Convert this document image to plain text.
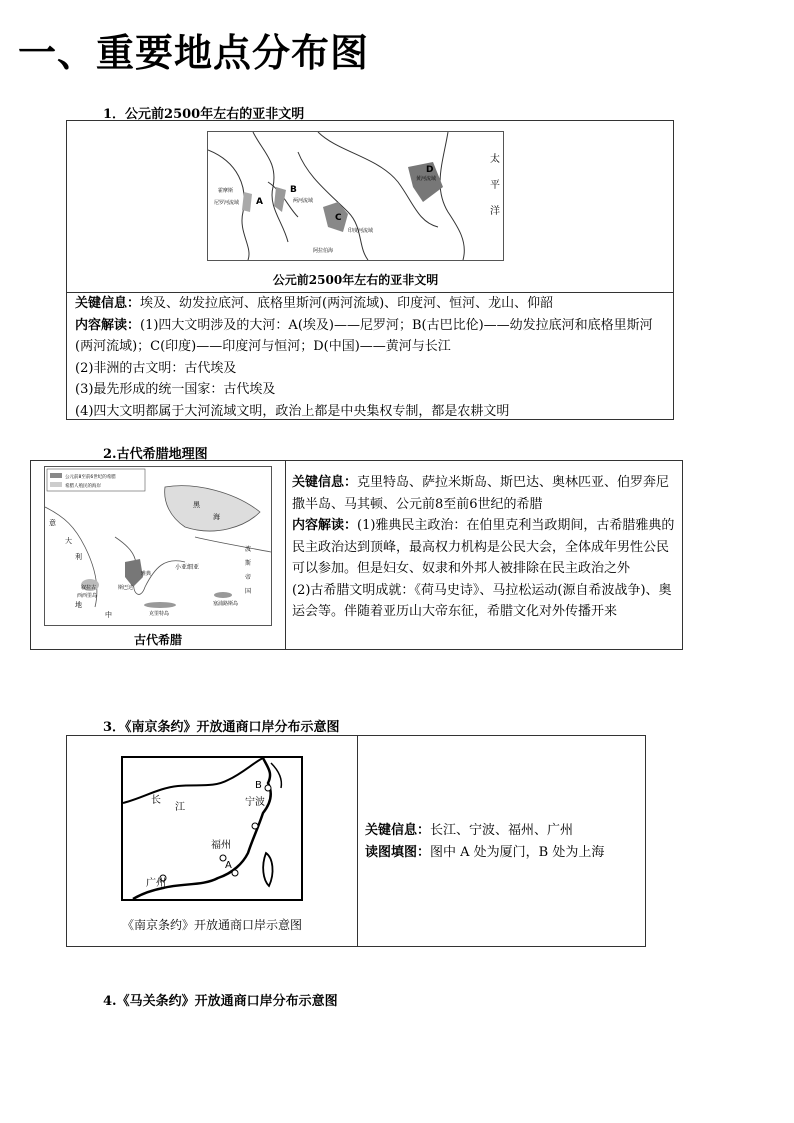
一、重要地点分布图
1．公元前2500年左右的亚非文明
太
平
洋
A
B
C
D
尼罗河流域
霍摩斯
两河流域
印度河流域
黄河流域
阿拉伯海
公元前2500年左右的亚非文明
关键信息：埃及、幼发拉底河、底格里斯河(两河流域)、印度河、恒河、龙山、仰韶
内容解读：(1)四大文明涉及的大河：A(埃及)——尼罗河；B(古巴比伦)——幼发拉底河和底格里斯河(两河流域)；C(印度)——印度河与恒河；D(中国)——黄河与长江
(2)非洲的古文明：古代埃及
(3)最先形成的统一国家：古代埃及
(4)四大文明都属于大河流域文明，政治上都是中央集权专制，都是农耕文明
2.古代希腊地理图
公元前8至前6世纪的希腊
希腊人殖民的海岸
黑
海
意
大
利
小亚细亚
斯巴达
雅典
地
中	克里特岛
塞浦路斯岛
西西里岛
叙拉古
波
斯
帝
国
古代希腊
关键信息：克里特岛、萨拉米斯岛、斯巴达、奥林匹亚、伯罗奔尼撒半岛、马其顿、公元前8至前6世纪的希腊
内容解读：(1)雅典民主政治：在伯里克利当政期间，古希腊雅典的民主政治达到顶峰，最高权力机构是公民大会，全体成年男性公民可以参加。但是妇女、奴隶和外邦人被排除在民主政治之外
(2)古希腊文明成就：《荷马史诗》、马拉松运动(源自希波战争)、奥运会等。伴随着亚历山大帝东征，希腊文化对外传播开来
3．《南京条约》开放通商口岸分布示意图
长
江	宁波
福州
广州
B
A
《南京条约》开放通商口岸示意图
关键信息：长江、宁波、福州、广州
读图填图：图中 A 处为厦门，B 处为上海
4.《马关条约》开放通商口岸分布示意图
